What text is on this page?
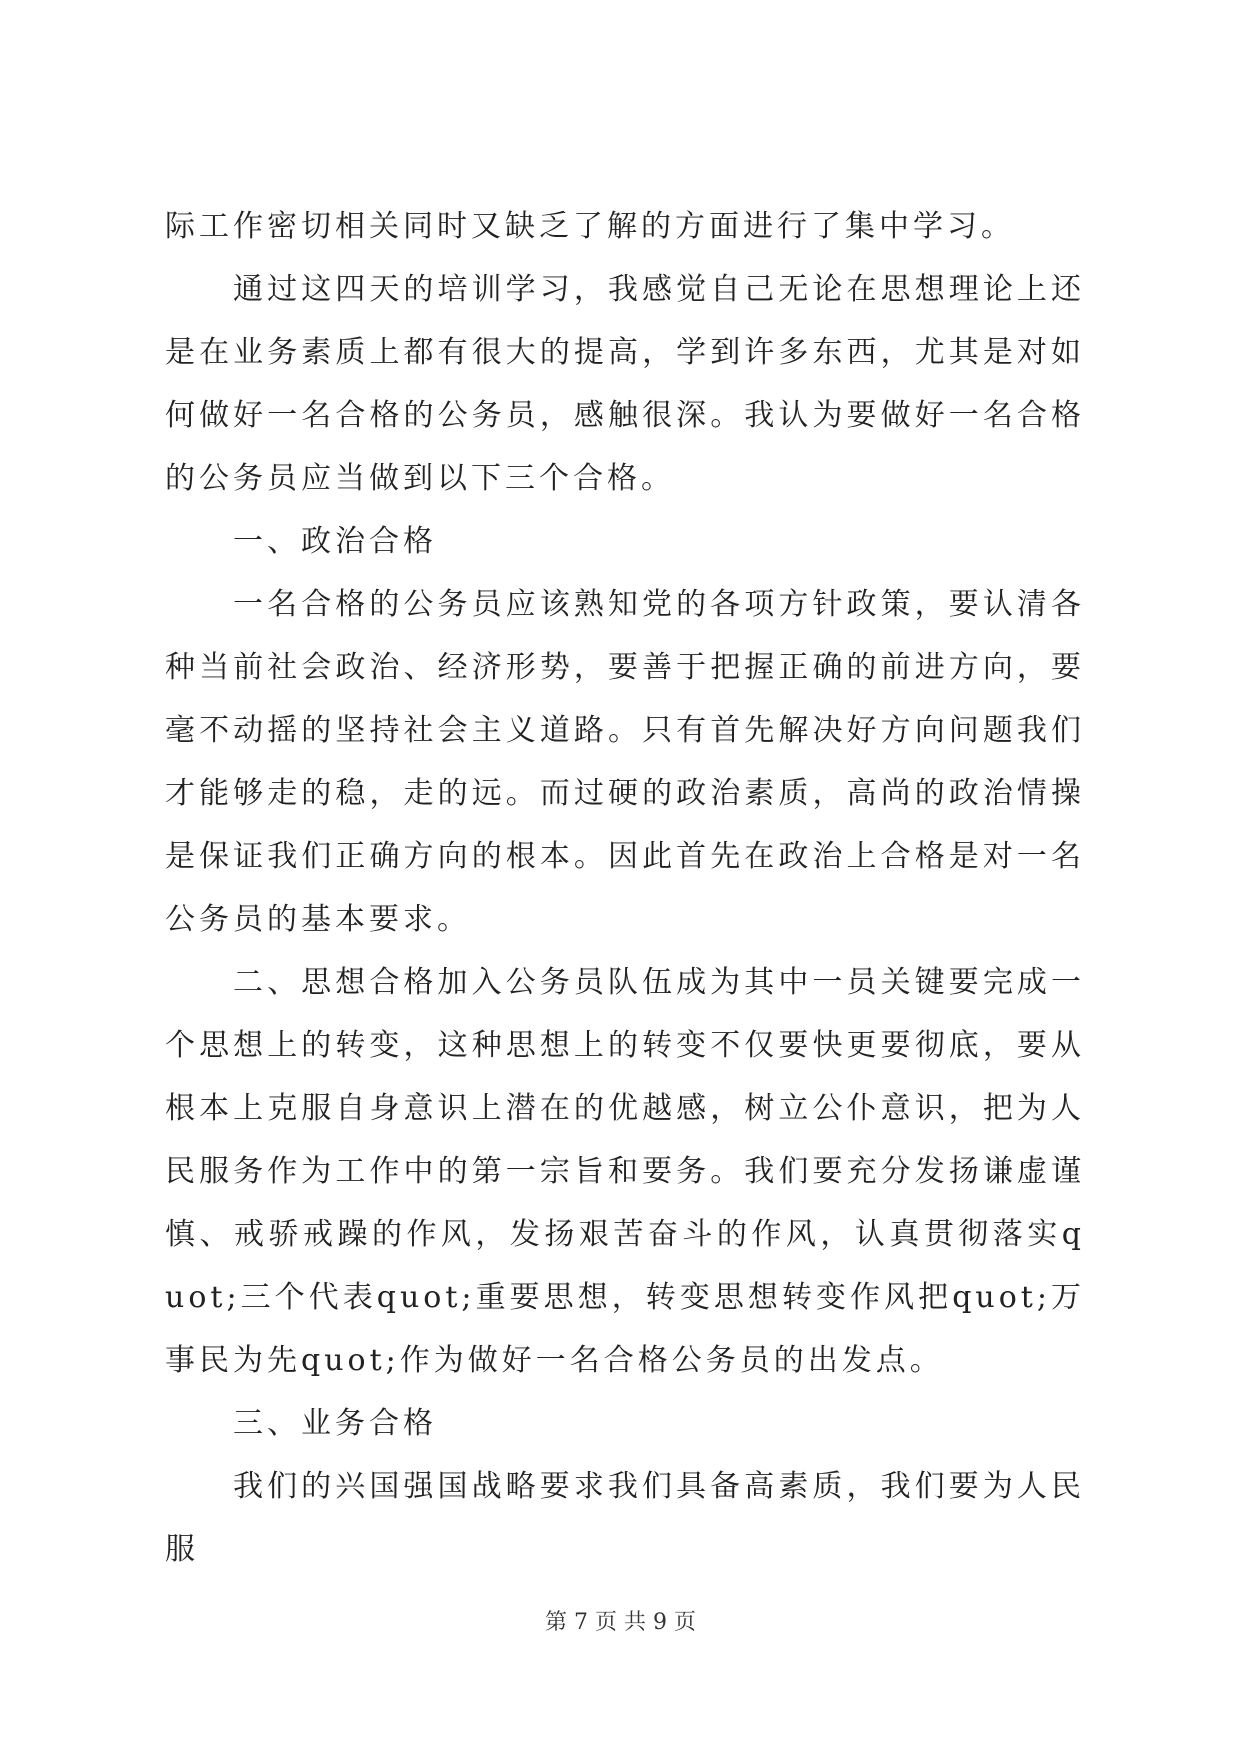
际工作密切相关同时又缺乏了解的方面进行了集中学习。

通过这四天的培训学习，我感觉自己无论在思想理论上还是在业务素质上都有很大的提高，学到许多东西，尤其是对如何做好一名合格的公务员，感触很深。我认为要做好一名合格的公务员应当做到以下三个合格。

一、政治合格

一名合格的公务员应该熟知党的各项方针政策，要认清各种当前社会政治、经济形势，要善于把握正确的前进方向，要毫不动摇的坚持社会主义道路。只有首先解决好方向问题我们才能够走的稳，走的远。而过硬的政治素质，高尚的政治情操是保证我们正确方向的根本。因此首先在政治上合格是对一名公务员的基本要求。

二、思想合格加入公务员队伍成为其中一员关键要完成一个思想上的转变，这种思想上的转变不仅要快更要彻底，要从根本上克服自身意识上潜在的优越感，树立公仆意识，把为人民服务作为工作中的第一宗旨和要务。我们要充分发扬谦虚谨慎、戒骄戒躁的作风，发扬艰苦奋斗的作风，认真贯彻落实quot;三个代表quot;重要思想，转变思想转变作风把quot;万事民为先quot;作为做好一名合格公务员的出发点。

三、业务合格

我们的兴国强国战略要求我们具备高素质，我们要为人民服

第 7 页 共 9 页
